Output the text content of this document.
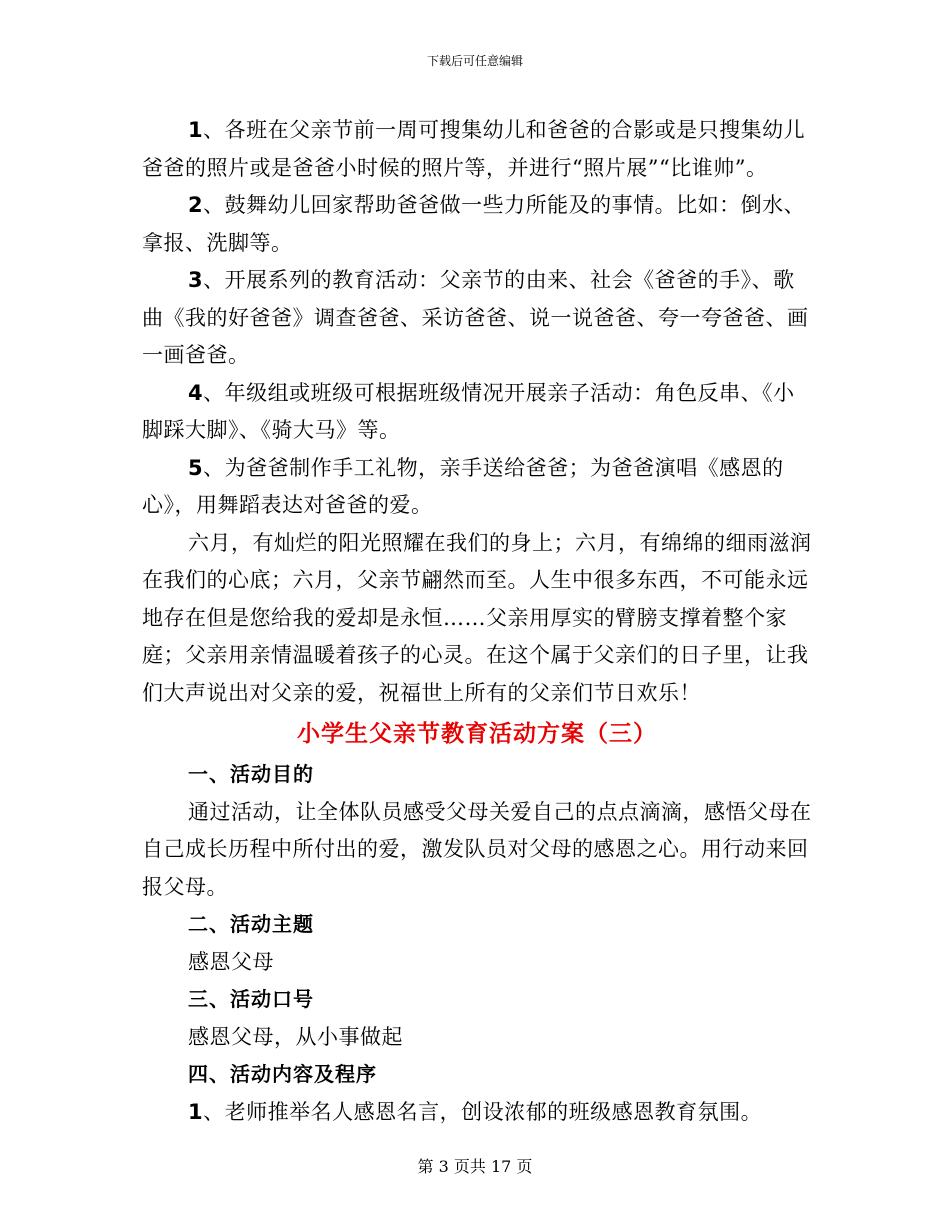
下载后可任意编辑

1、各班在父亲节前一周可搜集幼儿和爸爸的合影或是只搜集幼儿爸爸的照片或是爸爸小时候的照片等，并进行“照片展”“比谁帅”。

2、鼓舞幼儿回家帮助爸爸做一些力所能及的事情。比如：倒水、拿报、洗脚等。

3、开展系列的教育活动：父亲节的由来、社会《爸爸的手》、歌曲《我的好爸爸》调查爸爸、采访爸爸、说一说爸爸、夸一夸爸爸、画一画爸爸。

4、年级组或班级可根据班级情况开展亲子活动：角色反串、《小脚踩大脚》、《骑大马》等。

5、为爸爸制作手工礼物，亲手送给爸爸；为爸爸演唱《感恩的心》，用舞蹈表达对爸爸的爱。

六月，有灿烂的阳光照耀在我们的身上；六月，有绵绵的细雨滋润在我们的心底；六月，父亲节翩然而至。人生中很多东西，不可能永远地存在但是您给我的爱却是永恒……父亲用厚实的臂膀支撑着整个家庭；父亲用亲情温暖着孩子的心灵。在这个属于父亲们的日子里，让我们大声说出对父亲的爱，祝福世上所有的父亲们节日欢乐！

小学生父亲节教育活动方案（三）
一、活动目的

通过活动，让全体队员感受父母关爱自己的点点滴滴，感悟父母在自己成长历程中所付出的爱，激发队员对父母的感恩之心。用行动来回报父母。

二、活动主题

感恩父母

三、活动口号

感恩父母，从小事做起

四、活动内容及程序

1、老师推举名人感恩名言，创设浓郁的班级感恩教育氛围。

第 3 页共 17 页
